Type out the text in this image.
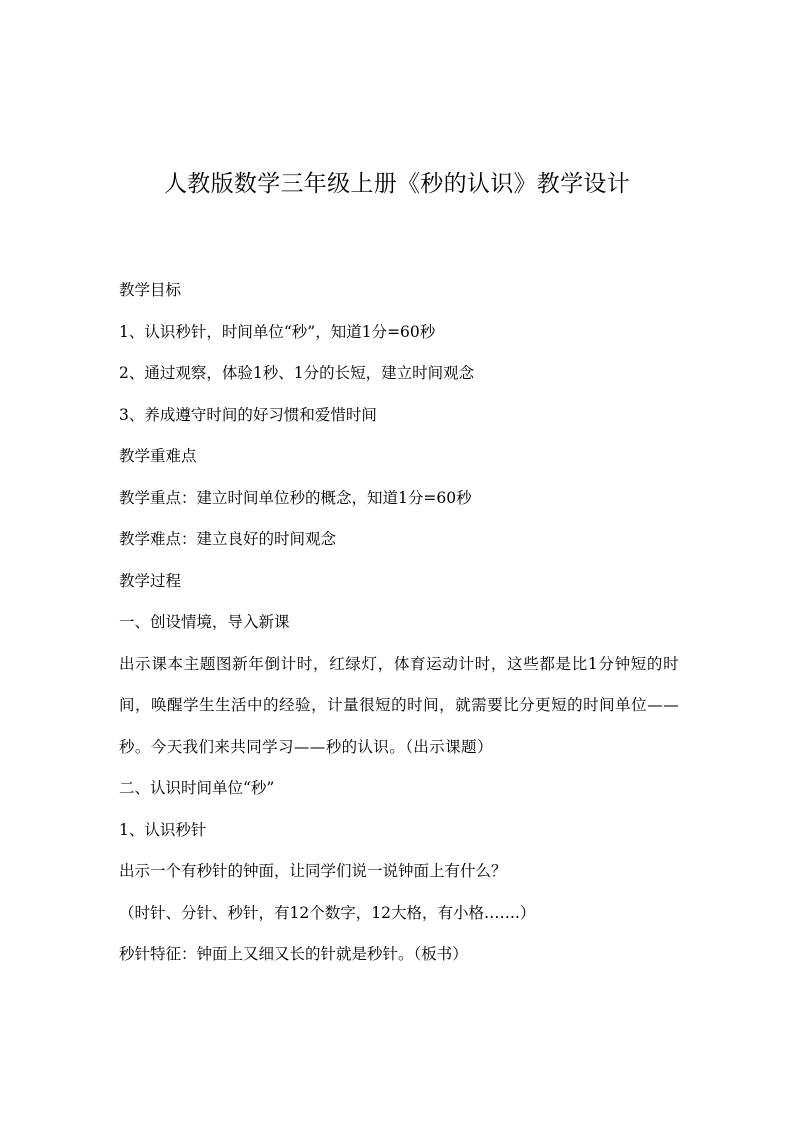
人教版数学三年级上册《秒的认识》教学设计

教学目标

1、认识秒针，时间单位“秒”，知道1分=60秒

2、通过观察，体验1秒、1分的长短，建立时间观念

3、养成遵守时间的好习惯和爱惜时间

教学重难点

教学重点：建立时间单位秒的概念，知道1分=60秒

教学难点：建立良好的时间观念

教学过程

一、创设情境，导入新课

出示课本主题图新年倒计时，红绿灯，体育运动计时，这些都是比1分钟短的时间，唤醒学生生活中的经验，计量很短的时间，就需要比分更短的时间单位——秒。今天我们来共同学习——秒的认识。（出示课题）

二、认识时间单位“秒”

1、认识秒针

出示一个有秒针的钟面，让同学们说一说钟面上有什么？

（时针、分针、秒针，有12个数字，12大格，有小格…….）

秒针特征：钟面上又细又长的针就是秒针。（板书）
